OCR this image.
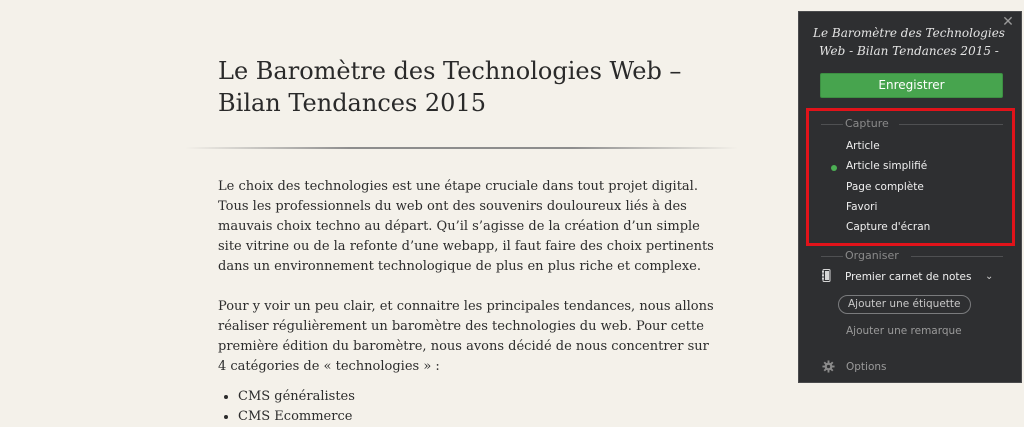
Le Baromètre des Technologies Web – Bilan Tendances 2015

Le choix des technologies est une étape cruciale dans tout projet digital. Tous les professionnels du web ont des souvenirs douloureux liés à des mauvais choix techno au départ. Qu’il s’agisse de la création d’un simple site vitrine ou de la refonte d’une webapp, il faut faire des choix pertinents dans un environnement technologique de plus en plus riche et complexe.

Pour y voir un peu clair, et connaitre les principales tendances, nous allons réaliser régulièrement un baromètre des technologies du web. Pour cette première édition du baromètre, nous avons décidé de nous concentrer sur 4 catégories de « technologies » :

• CMS généralistes
• CMS Ecommerce
✕
Le Baromètre des Technologies Web - Bilan Tendances 2015 -
Enregistrer
Capture
Article
Article simplifié
Page complète
Favori
Capture d'écran
Organiser
Premier carnet de notes ⌄
Ajouter une étiquette
Ajouter une remarque
Options
